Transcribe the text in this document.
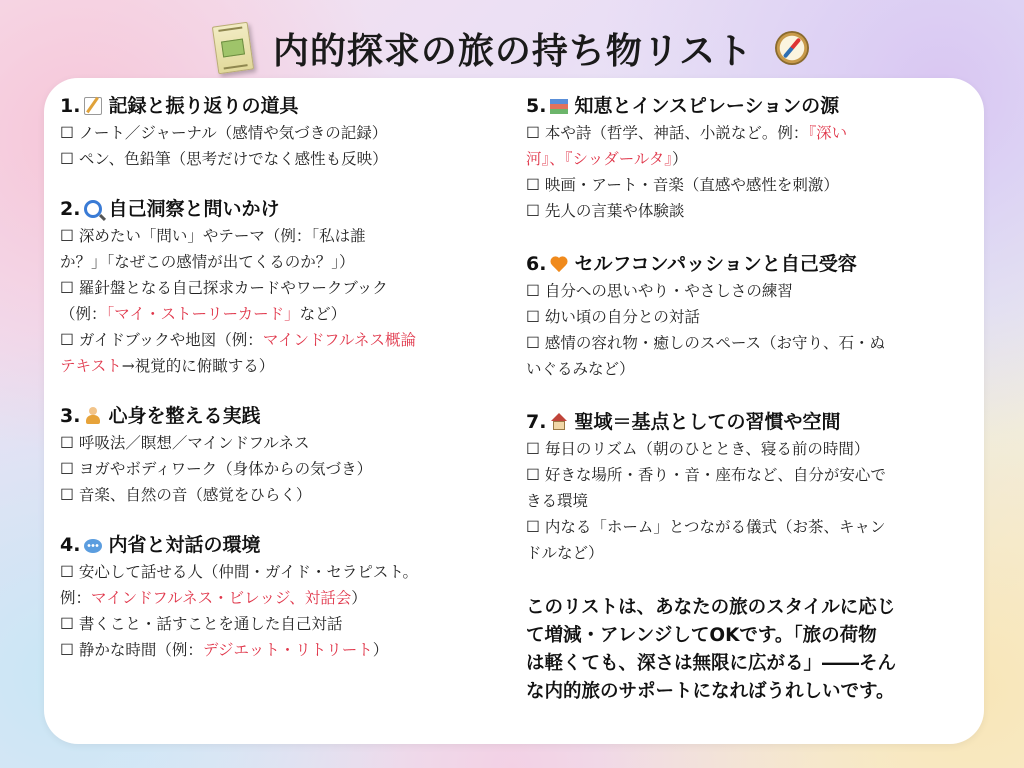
内的探求の旅の持ち物リスト
1. 記録と振り返りの道具
☐ ノート／ジャーナル（感情や気づきの記録）
☐ ペン、色鉛筆（思考だけでなく感性も反映）
2. 自己洞察と問いかけ
☐ 深めたい「問い」やテーマ（例：「私は誰
か？」「なぜこの感情が出てくるのか？」）
☐ 羅針盤となる自己探求カードやワークブック
（例：「マイ・ストーリーカード」など）
☐ ガイドブックや地図（例：マインドフルネス概論
テキスト→視覚的に俯瞰する）
3. 心身を整える実践
☐ 呼吸法／瞑想／マインドフルネス
☐ ヨガやボディワーク（身体からの気づき）
☐ 音楽、自然の音（感覚をひらく）
4. 内省と対話の環境
☐ 安心して話せる人（仲間・ガイド・セラピスト。
例：マインドフルネス・ビレッジ、対話会）
☐ 書くこと・話すことを通した自己対話
☐ 静かな時間（例：デジエット・リトリート）
5. 知恵とインスピレーションの源
☐ 本や詩（哲学、神話、小説など。例：『深い
河』、『シッダールタ』）
☐ 映画・アート・音楽（直感や感性を刺激）
☐ 先人の言葉や体験談
6. セルフコンパッションと自己受容
☐ 自分への思いやり・やさしさの練習
☐ 幼い頃の自分との対話
☐ 感情の容れ物・癒しのスペース（お守り、石・ぬ
いぐるみなど）
7. 聖域＝基点としての習慣や空間
☐ 毎日のリズム（朝のひととき、寝る前の時間）
☐ 好きな場所・香り・音・座布など、自分が安心で
きる環境
☐ 内なる「ホーム」とつながる儀式（お茶、キャン
ドルなど）
このリストは、あなたの旅のスタイルに応じ
て増減・アレンジしてOKです。「旅の荷物
は軽くても、深さは無限に広がる」――そん
な内的旅のサポートになればうれしいです。
